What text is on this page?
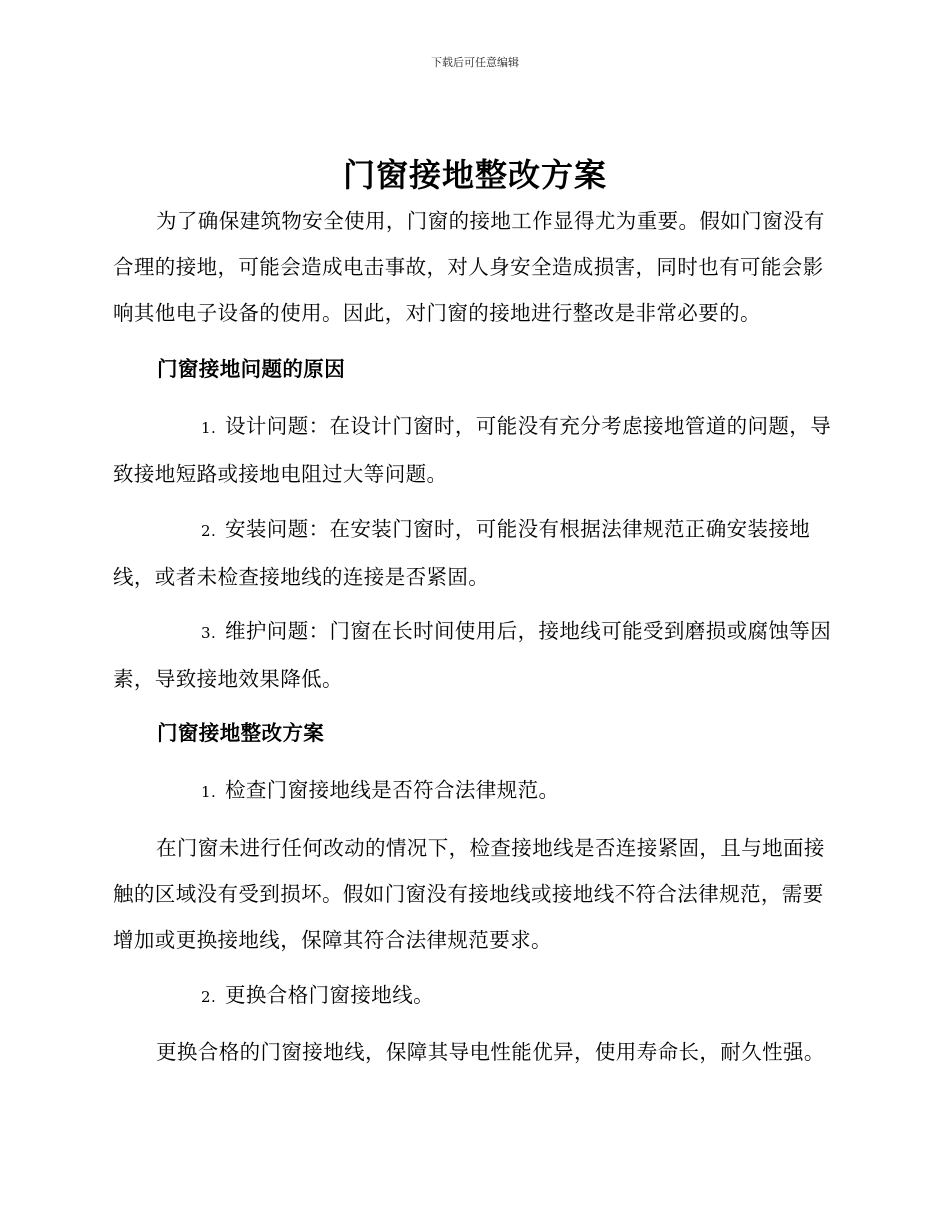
下载后可任意编辑
门窗接地整改方案
为了确保建筑物安全使用，门窗的接地工作显得尤为重要。假如门窗没有合理的接地，可能会造成电击事故，对人身安全造成损害，同时也有可能会影响其他电子设备的使用。因此，对门窗的接地进行整改是非常必要的。
门窗接地问题的原因
1. 设计问题：在设计门窗时，可能没有充分考虑接地管道的问题，导致接地短路或接地电阻过大等问题。
2. 安装问题：在安装门窗时，可能没有根据法律规范正确安装接地线，或者未检查接地线的连接是否紧固。
3. 维护问题：门窗在长时间使用后，接地线可能受到磨损或腐蚀等因素，导致接地效果降低。
门窗接地整改方案
1. 检查门窗接地线是否符合法律规范。
在门窗未进行任何改动的情况下，检查接地线是否连接紧固，且与地面接触的区域没有受到损坏。假如门窗没有接地线或接地线不符合法律规范，需要增加或更换接地线，保障其符合法律规范要求。
2. 更换合格门窗接地线。
更换合格的门窗接地线，保障其导电性能优异，使用寿命长，耐久性强。
